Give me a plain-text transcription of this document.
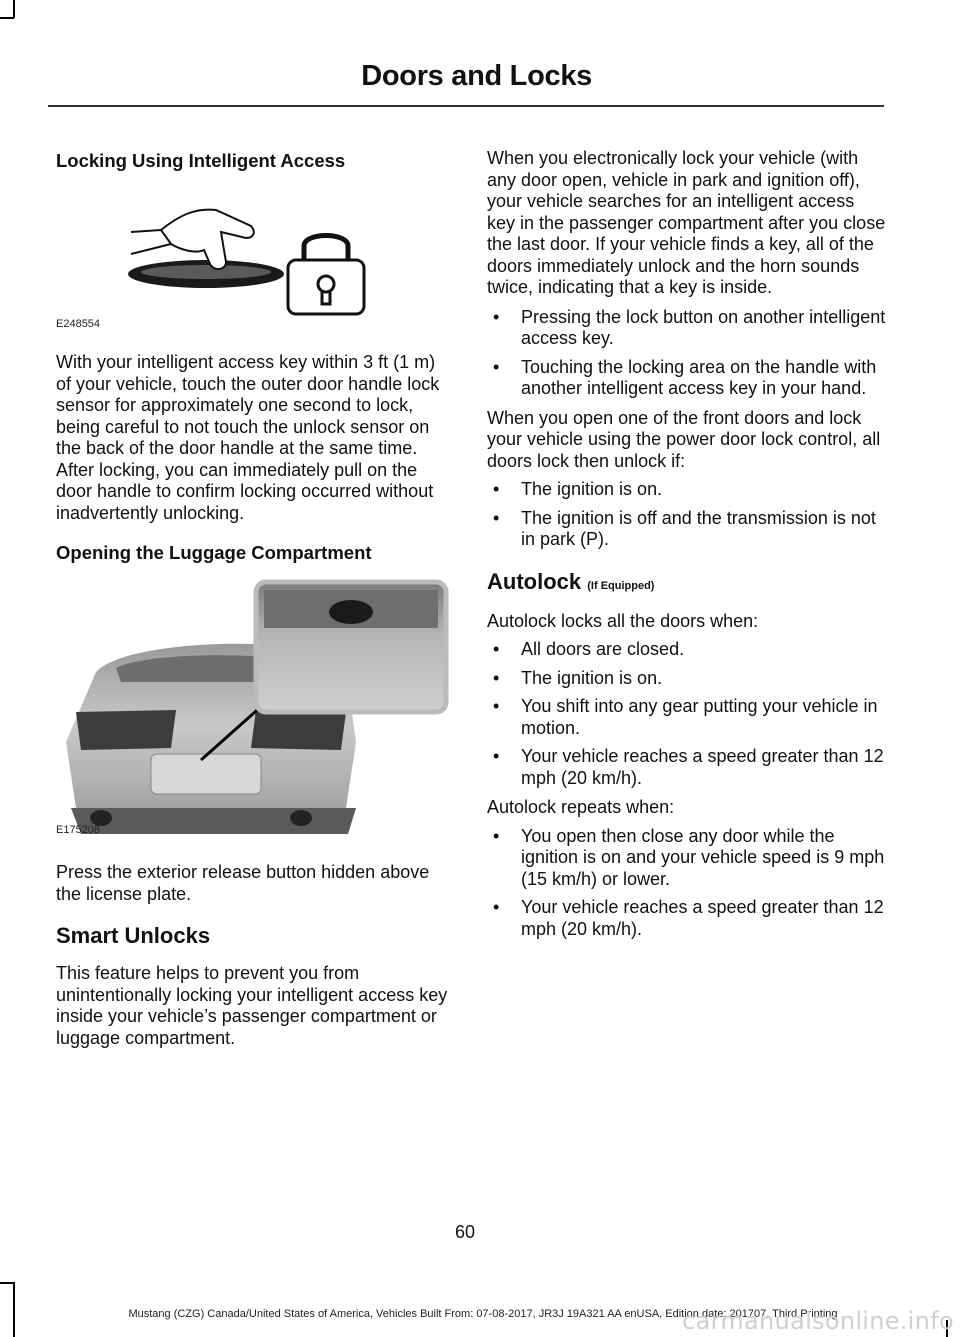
Doors and Locks
Locking Using Intelligent Access
E248554

With your intelligent access key within 3 ft (1 m) of your vehicle, touch the outer door handle lock sensor for approximately one second to lock, being careful to not touch the unlock sensor on the back of the door handle at the same time. After locking, you can immediately pull on the door handle to confirm locking occurred without inadvertently unlocking.

Opening the Luggage Compartment
E175208

Press the exterior release button hidden above the license plate.

Smart Unlocks

This feature helps to prevent you from unintentionally locking your intelligent access key inside your vehicle’s passenger compartment or luggage compartment.

When you electronically lock your vehicle (with any door open, vehicle in park and ignition off), your vehicle searches for an intelligent access key in the passenger compartment after you close the last door. If your vehicle finds a key, all of the doors immediately unlock and the horn sounds twice, indicating that a key is inside.

• Pressing the lock button on another intelligent access key.
• Touching the locking area on the handle with another intelligent access key in your hand.

When you open one of the front doors and lock your vehicle using the power door lock control, all doors lock then unlock if:

• The ignition is on.
• The ignition is off and the transmission is not in park (P).
Autolock (If Equipped)

Autolock locks all the doors when:

• All doors are closed.
• The ignition is on.
• You shift into any gear putting your vehicle in motion.
• Your vehicle reaches a speed greater than 12 mph (20 km/h).

Autolock repeats when:

• You open then close any door while the ignition is on and your vehicle speed is 9 mph (15 km/h) or lower.
• Your vehicle reaches a speed greater than 12 mph (20 km/h).
60
Mustang (CZG) Canada/United States of America, Vehicles Built From: 07-08-2017, JR3J 19A321 AA enUSA, Edition date: 201707, Third Printing
carmanualsonline.info
